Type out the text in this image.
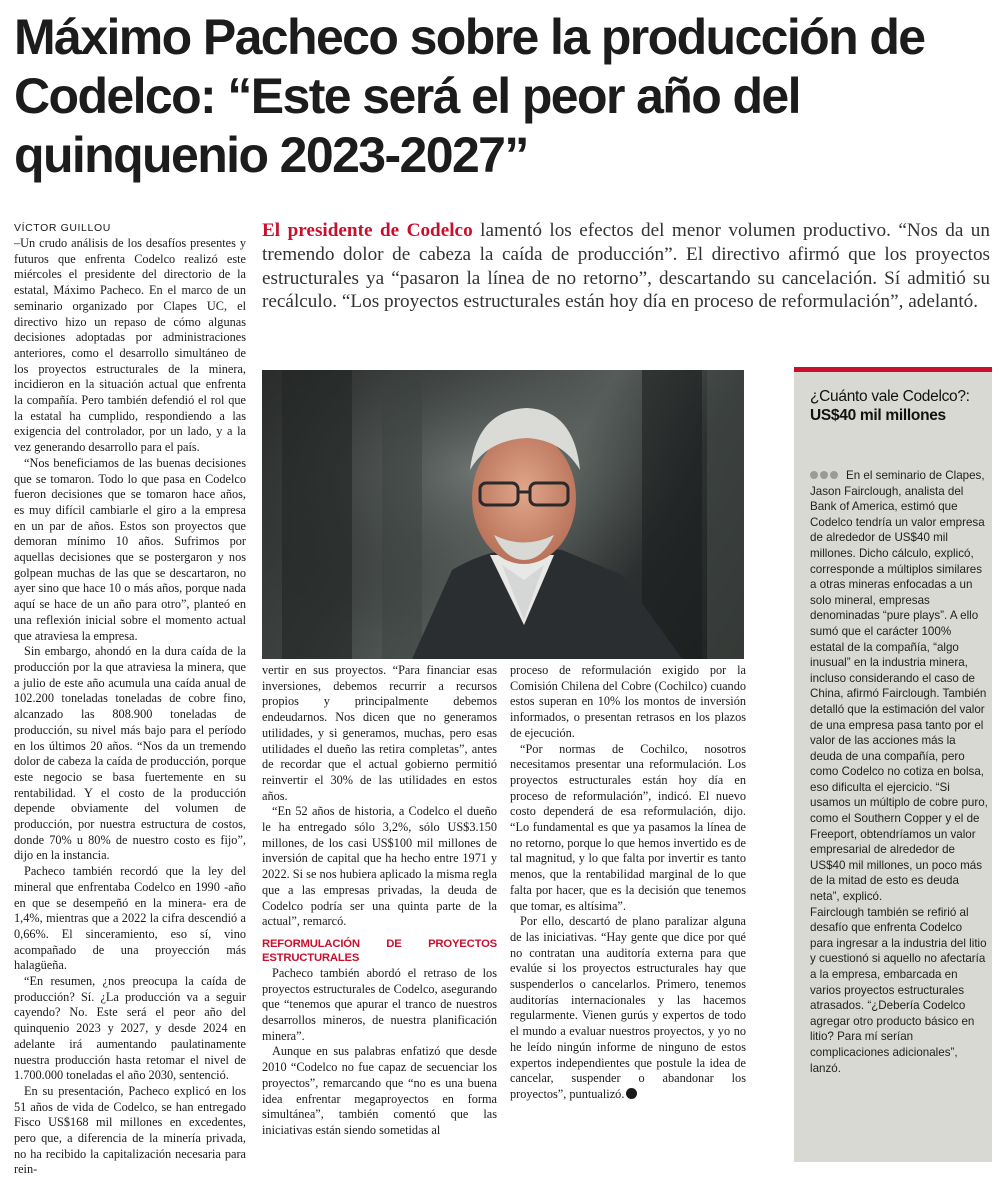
Máximo Pacheco sobre la producción de Codelco: “Este será el peor año del quinquenio 2023-2027”
VÍCTOR GUILLOU

–Un crudo análisis de los desafíos presentes y futuros que enfrenta Codelco realizó este miércoles el presidente del directorio de la estatal, Máximo Pacheco. En el marco de un seminario organizado por Clapes UC, el directivo hizo un repaso de cómo algunas decisiones adoptadas por administraciones anteriores, como el desarrollo simultáneo de los proyectos estructurales de la minera, incidieron en la situación actual que enfrenta la compañía. Pero también defendió el rol que la estatal ha cumplido, respondiendo a las exigencia del controlador, por un lado, y a la vez generando desarrollo para el país.

“Nos beneficiamos de las buenas decisiones que se tomaron. Todo lo que pasa en Codelco fueron decisiones que se tomaron hace años, es muy difícil cambiarle el giro a la empresa en un par de años. Estos son proyectos que demoran mínimo 10 años. Sufrimos por aquellas decisiones que se postergaron y nos golpean muchas de las que se descartaron, no ayer sino que hace 10 o más años, porque nada aquí se hace de un año para otro”, planteó en una reflexión inicial sobre el momento actual que atraviesa la empresa.

Sin embargo, ahondó en la dura caída de la producción por la que atraviesa la minera, que a julio de este año acumula una caída anual de 102.200 toneladas toneladas de cobre fino, alcanzado las 808.900 toneladas de producción, su nivel más bajo para el período en los últimos 20 años. “Nos da un tremendo dolor de cabeza la caída de producción, porque este negocio se basa fuertemente en su rentabilidad. Y el costo de la producción depende obviamente del volumen de producción, por nuestra estructura de costos, donde 70% u 80% de nuestro costo es fijo”, dijo en la instancia.

Pacheco también recordó que la ley del mineral que enfrentaba Codelco en 1990 -año en que se desempeñó en la minera- era de 1,4%, mientras que a 2022 la cifra descendió a 0,66%. El sinceramiento, eso sí, vino acompañado de una proyección más halagüeña.

“En resumen, ¿nos preocupa la caída de producción? Sí. ¿La producción va a seguir cayendo? No. Este será el peor año del quinquenio 2023 y 2027, y desde 2024 en adelante irá aumentando paulatinamente nuestra producción hasta retomar el nivel de 1.700.000 toneladas el año 2030, sentenció.

En su presentación, Pacheco explicó en los 51 años de vida de Codelco, se han entregado Fisco US$168 mil millones en excedentes, pero que, a diferencia de la minería privada, no ha recibido la capitalización necesaria para rein-

El presidente de Codelco lamentó los efectos del menor volumen productivo. “Nos da un tremendo dolor de cabeza la caída de producción”. El directivo afirmó que los proyectos estructurales ya “pasaron la línea de no retorno”, descartando su cancelación. Sí admitió su recálculo. “Los proyectos estructurales están hoy día en proceso de reformulación”, adelantó.

vertir en sus proyectos. “Para financiar esas inversiones, debemos recurrir a recursos propios y principalmente debemos endeudarnos. Nos dicen que no generamos utilidades, y si generamos, muchas, pero esas utilidades el dueño las retira completas”, antes de recordar que el actual gobierno permitió reinvertir el 30% de las utilidades en estos años.

“En 52 años de historia, a Codelco el dueño le ha entregado sólo 3,2%, sólo US$3.150 millones, de los casi US$100 mil millones de inversión de capital que ha hecho entre 1971 y 2022. Si se nos hubiera aplicado la misma regla que a las empresas privadas, la deuda de Codelco podría ser una quinta parte de la actual”, remarcó.

REFORMULACIÓN DE PROYECTOS ESTRUCTURALES

Pacheco también abordó el retraso de los proyectos estructurales de Codelco, asegurando que “tenemos que apurar el tranco de nuestros desarrollos mineros, de nuestra planificación minera”.

Aunque en sus palabras enfatizó que desde 2010 “Codelco no fue capaz de secuenciar los proyectos”, remarcando que “no es una buena idea enfrentar megaproyectos en forma simultánea”, también comentó que las iniciativas están siendo sometidas al

proceso de reformulación exigido por la Comisión Chilena del Cobre (Cochilco) cuando estos superan en 10% los montos de inversión informados, o presentan retrasos en los plazos de ejecución.

“Por normas de Cochilco, nosotros necesitamos presentar una reformulación. Los proyectos estructurales están hoy día en proceso de reformulación”, indicó. El nuevo costo dependerá de esa reformulación, dijo. “Lo fundamental es que ya pasamos la línea de no retorno, porque lo que hemos invertido es de tal magnitud, y lo que falta por invertir es tanto menos, que la rentabilidad marginal de lo que falta por hacer, que es la decisión que tenemos que tomar, es altísima”.

Por ello, descartó de plano paralizar alguna de las iniciativas. “Hay gente que dice por qué no contratan una auditoría externa para que evalúe si los proyectos estructurales hay que suspenderlos o cancelarlos. Primero, tenemos auditorías internacionales y las hacemos regularmente. Vienen gurús y expertos de todo el mundo a evaluar nuestros proyectos, y yo no he leído ningún informe de ninguno de estos expertos independientes que postule la idea de cancelar, suspender o abandonar los proyectos”, puntualizó.

¿Cuánto vale Codelco?:
US$40 mil millones

En el seminario de Clapes, Jason Fairclough, analista del Bank of America, estimó que Codelco tendría un valor empresa de alrededor de US$40 mil millones. Dicho cálculo, explicó, corresponde a múltiplos similares a otras mineras enfocadas a un solo mineral, empresas denominadas “pure plays”. A ello sumó que el carácter 100% estatal de la compañía, “algo inusual” en la industria minera, incluso considerando el caso de China, afirmó Fairclough. También detalló que la estimación del valor de una empresa pasa tanto por el valor de las acciones más la deuda de una compañía, pero como Codelco no cotiza en bolsa, eso dificulta el ejercicio. “Si usamos un múltiplo de cobre puro, como el Southern Copper y el de Freeport, obtendríamos un valor empresarial de alrededor de US$40 mil millones, un poco más de la mitad de esto es deuda neta”, explicó.

Fairclough también se refirió al desafío que enfrenta Codelco para ingresar a la industria del litio y cuestionó si aquello no afectaría a la empresa, embarcada en varios proyectos estructurales atrasados. “¿Debería Codelco agregar otro producto básico en litio? Para mí serían complicaciones adicionales”, lanzó.
